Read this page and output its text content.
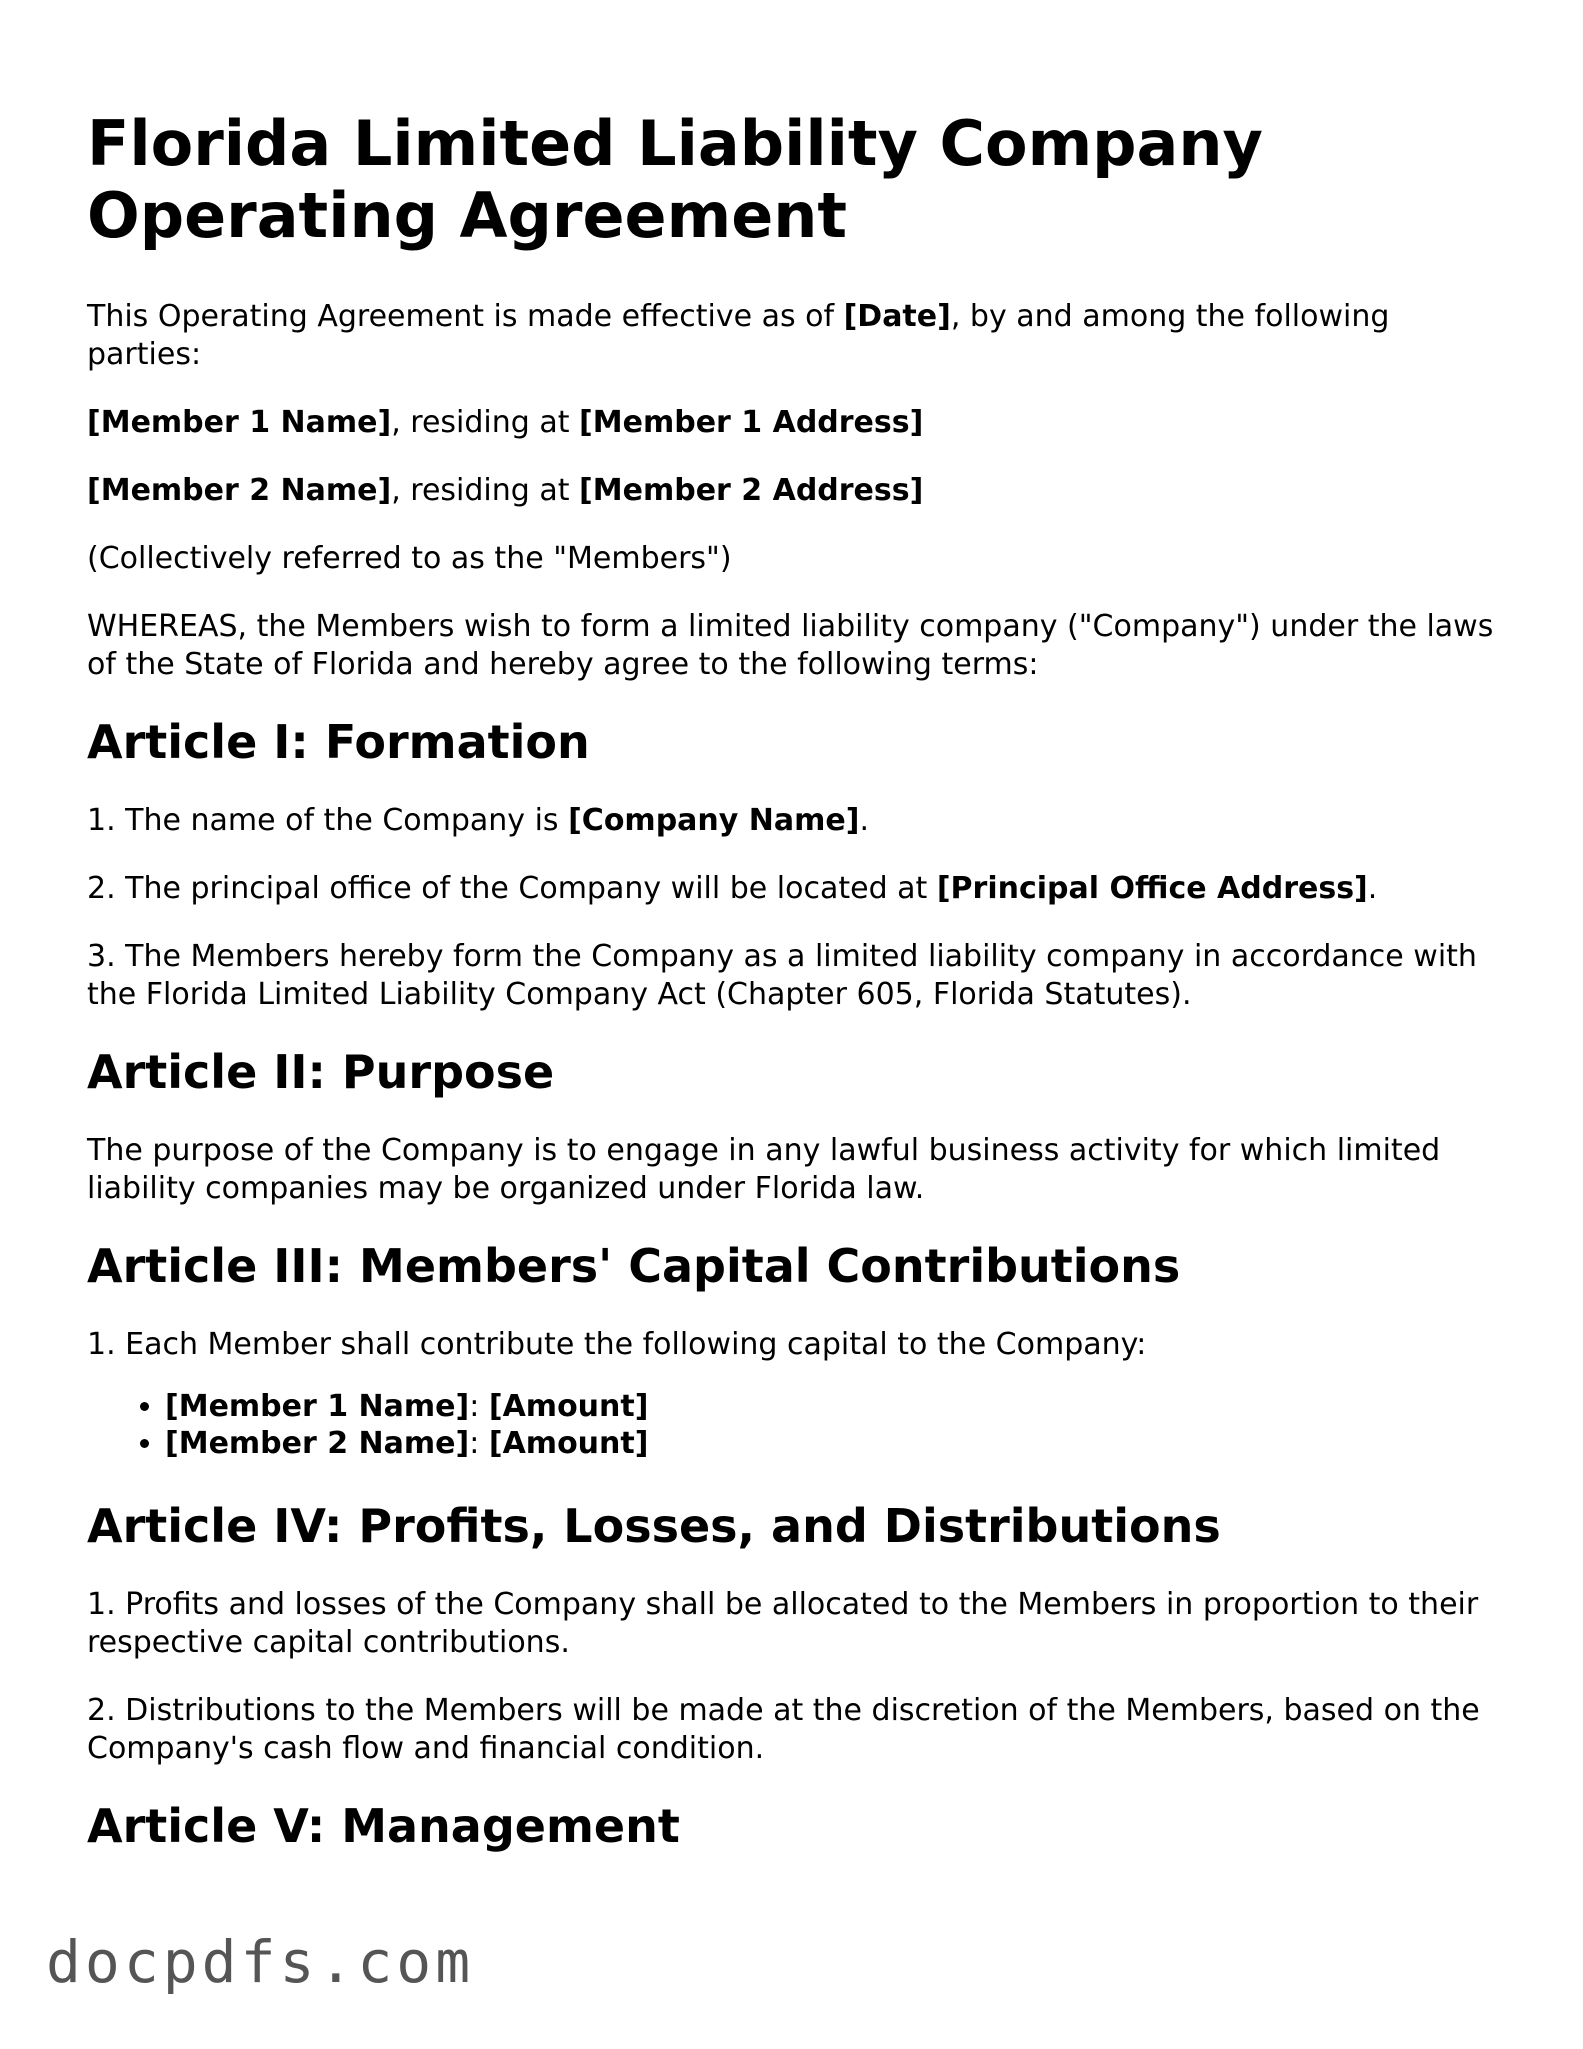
Florida Limited Liability Company Operating Agreement

This Operating Agreement is made effective as of [Date], by and among the following parties:

[Member 1 Name], residing at [Member 1 Address]

[Member 2 Name], residing at [Member 2 Address]

(Collectively referred to as the "Members")

WHEREAS, the Members wish to form a limited liability company ("Company") under the laws of the State of Florida and hereby agree to the following terms:

Article I: Formation

1. The name of the Company is [Company Name].

2. The principal office of the Company will be located at [Principal Office Address].

3. The Members hereby form the Company as a limited liability company in accordance with the Florida Limited Liability Company Act (Chapter 605, Florida Statutes).

Article II: Purpose

The purpose of the Company is to engage in any lawful business activity for which limited liability companies may be organized under Florida law.

Article III: Members' Capital Contributions

1. Each Member shall contribute the following capital to the Company:

• [Member 1 Name]: [Amount]
• [Member 2 Name]: [Amount]
Article IV: Profits, Losses, and Distributions

1. Profits and losses of the Company shall be allocated to the Members in proportion to their respective capital contributions.

2. Distributions to the Members will be made at the discretion of the Members, based on the Company's cash flow and financial condition.

Article V: Management
docpdfs.com
